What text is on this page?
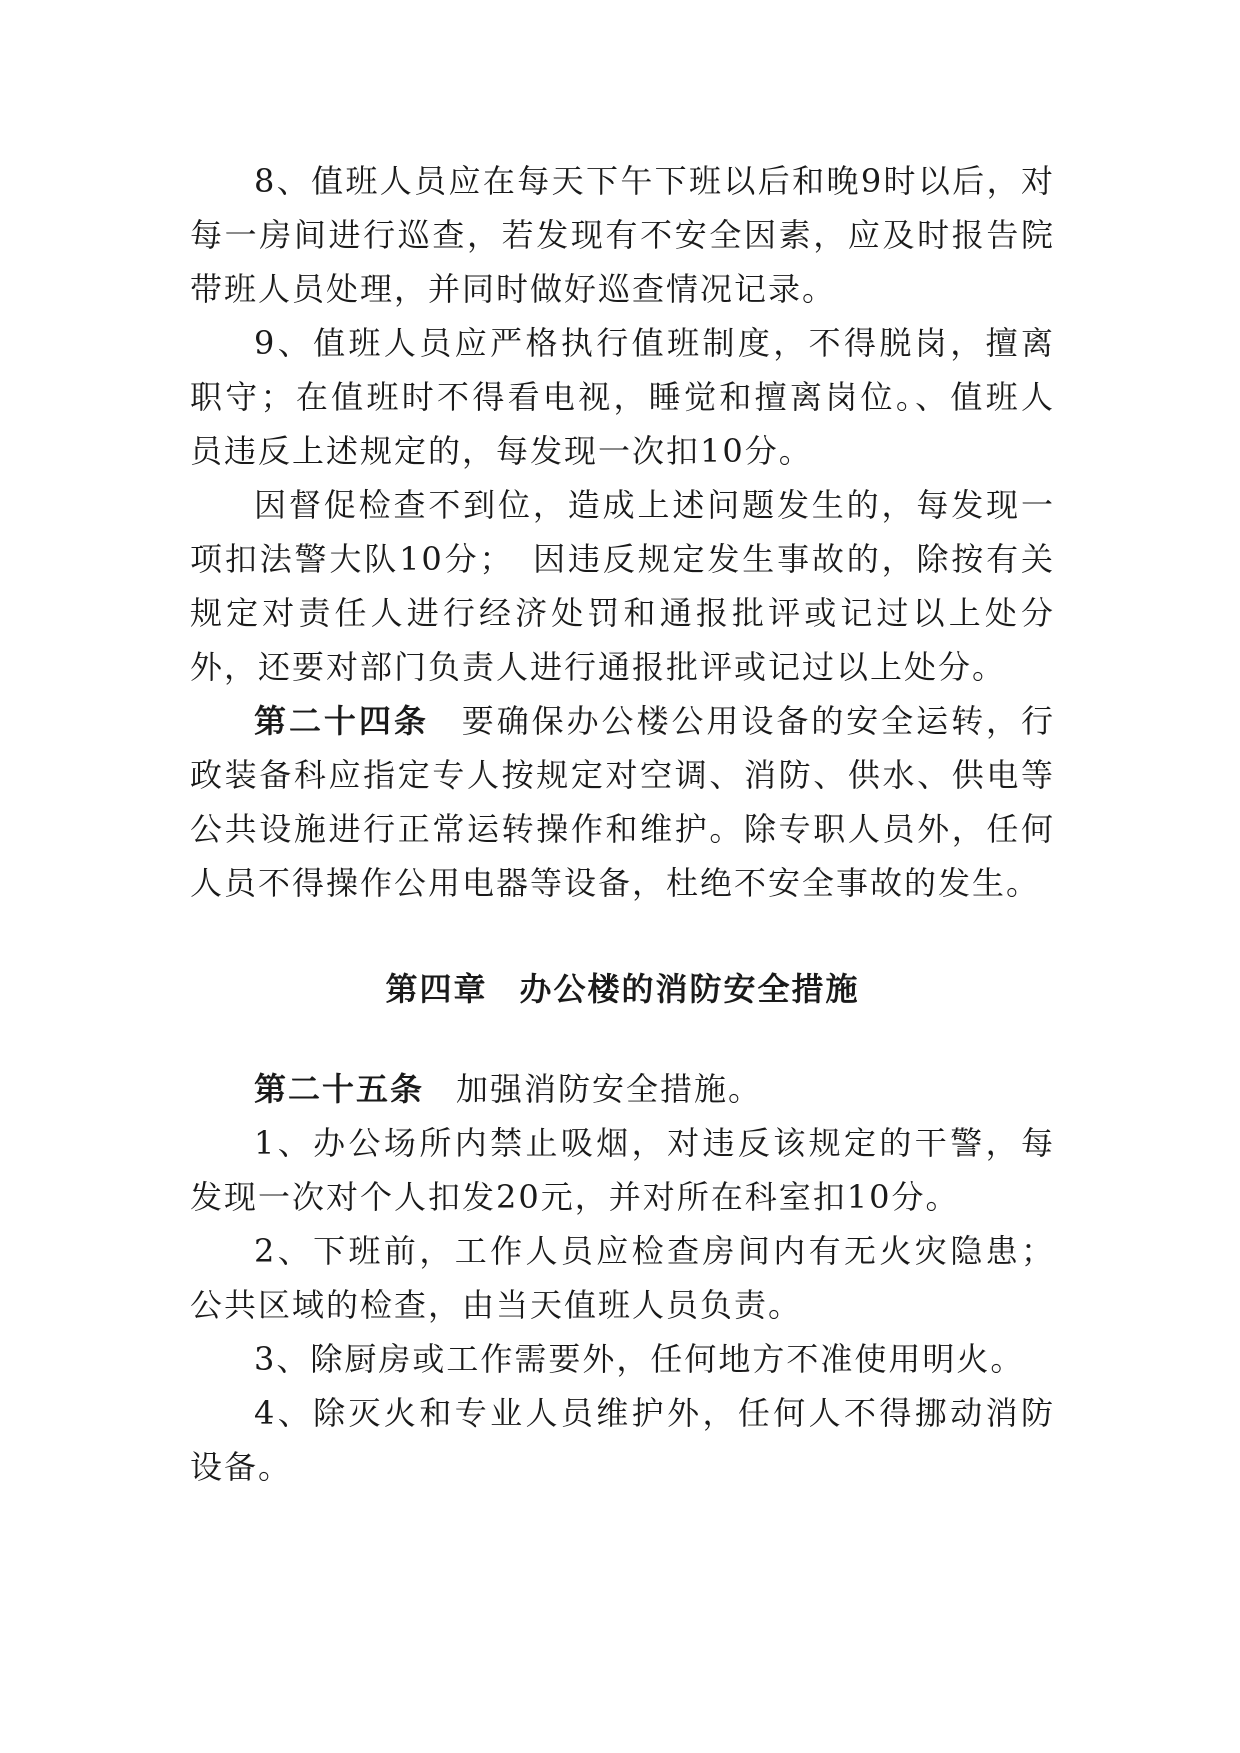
8、值班人员应在每天下午下班以后和晚9时以后，对每一房间进行巡查，若发现有不安全因素，应及时报告院带班人员处理，并同时做好巡查情况记录。

9、值班人员应严格执行值班制度，不得脱岗，擅离职守；在值班时不得看电视，睡觉和擅离岗位。、值班人员违反上述规定的，每发现一次扣10分。

因督促检查不到位，造成上述问题发生的，每发现一项扣法警大队10分；　因违反规定发生事故的，除按有关规定对责任人进行经济处罚和通报批评或记过以上处分外，还要对部门负责人进行通报批评或记过以上处分。

第二十四条 要确保办公楼公用设备的安全运转，行政装备科应指定专人按规定对空调、消防、供水、供电等公共设施进行正常运转操作和维护。除专职人员外，任何人员不得操作公用电器等设备，杜绝不安全事故的发生。

第四章 办公楼的消防安全措施

第二十五条 加强消防安全措施。

1、办公场所内禁止吸烟，对违反该规定的干警，每发现一次对个人扣发20元，并对所在科室扣10分。

2、下班前，工作人员应检查房间内有无火灾隐患；公共区域的检查，由当天值班人员负责。

3、除厨房或工作需要外，任何地方不准使用明火。

4、除灭火和专业人员维护外，任何人不得挪动消防设备。
